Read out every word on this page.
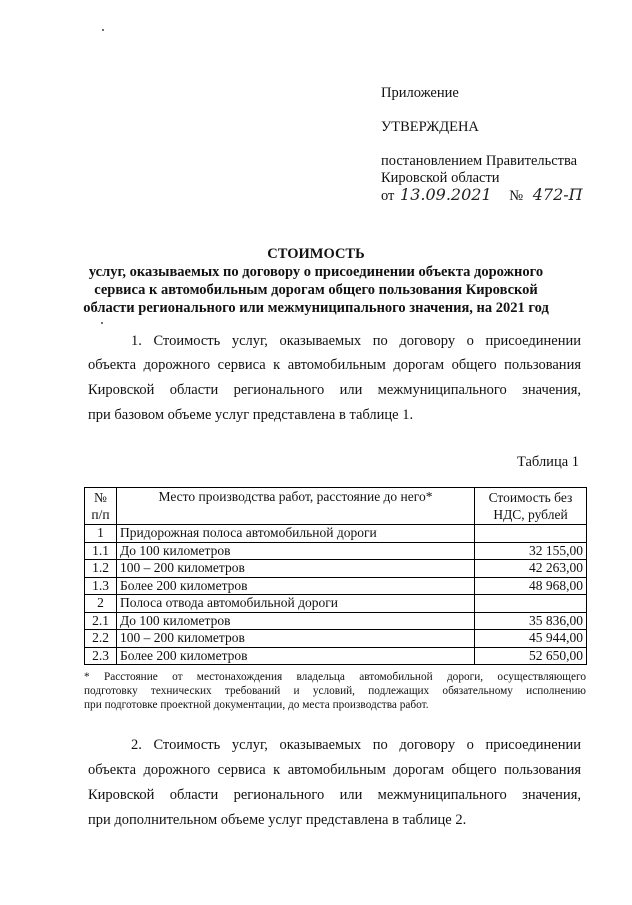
Приложение
УТВЕРЖДЕНА
постановлением Правительства
Кировской области
от 13.09.2021 № 472-П
СТОИМОСТЬ
услуг, оказываемых по договору о присоединении объекта дорожного
сервиса к автомобильным дорогам общего пользования Кировской
области регионального или межмуниципального значения, на 2021 год
1. Стоимость услуг, оказываемых по договору о присоединении
объекта дорожного сервиса к автомобильным дорогам общего пользования
Кировской области регионального или межмуниципального значения,
при базовом объеме услуг представлена в таблице 1.
Таблица 1
№ п/п	Место производства работ, расстояние до него*	Стоимость без НДС, рублей
1	Придорожная полоса автомобильной дороги	
1.1	До 100 километров	32 155,00
1.2	100 – 200 километров	42 263,00
1.3	Более 200 километров	48 968,00
2	Полоса отвода автомобильной дороги	
2.1	До 100 километров	35 836,00
2.2	100 – 200 километров	45 944,00
2.3	Более 200 километров	52 650,00
* Расстояние от местонахождения владельца автомобильной дороги, осуществляющего
подготовку технических требований и условий, подлежащих обязательному исполнению
при подготовке проектной документации, до места производства работ.
2. Стоимость услуг, оказываемых по договору о присоединении
объекта дорожного сервиса к автомобильным дорогам общего пользования
Кировской области регионального или межмуниципального значения,
при дополнительном объеме услуг представлена в таблице 2.
